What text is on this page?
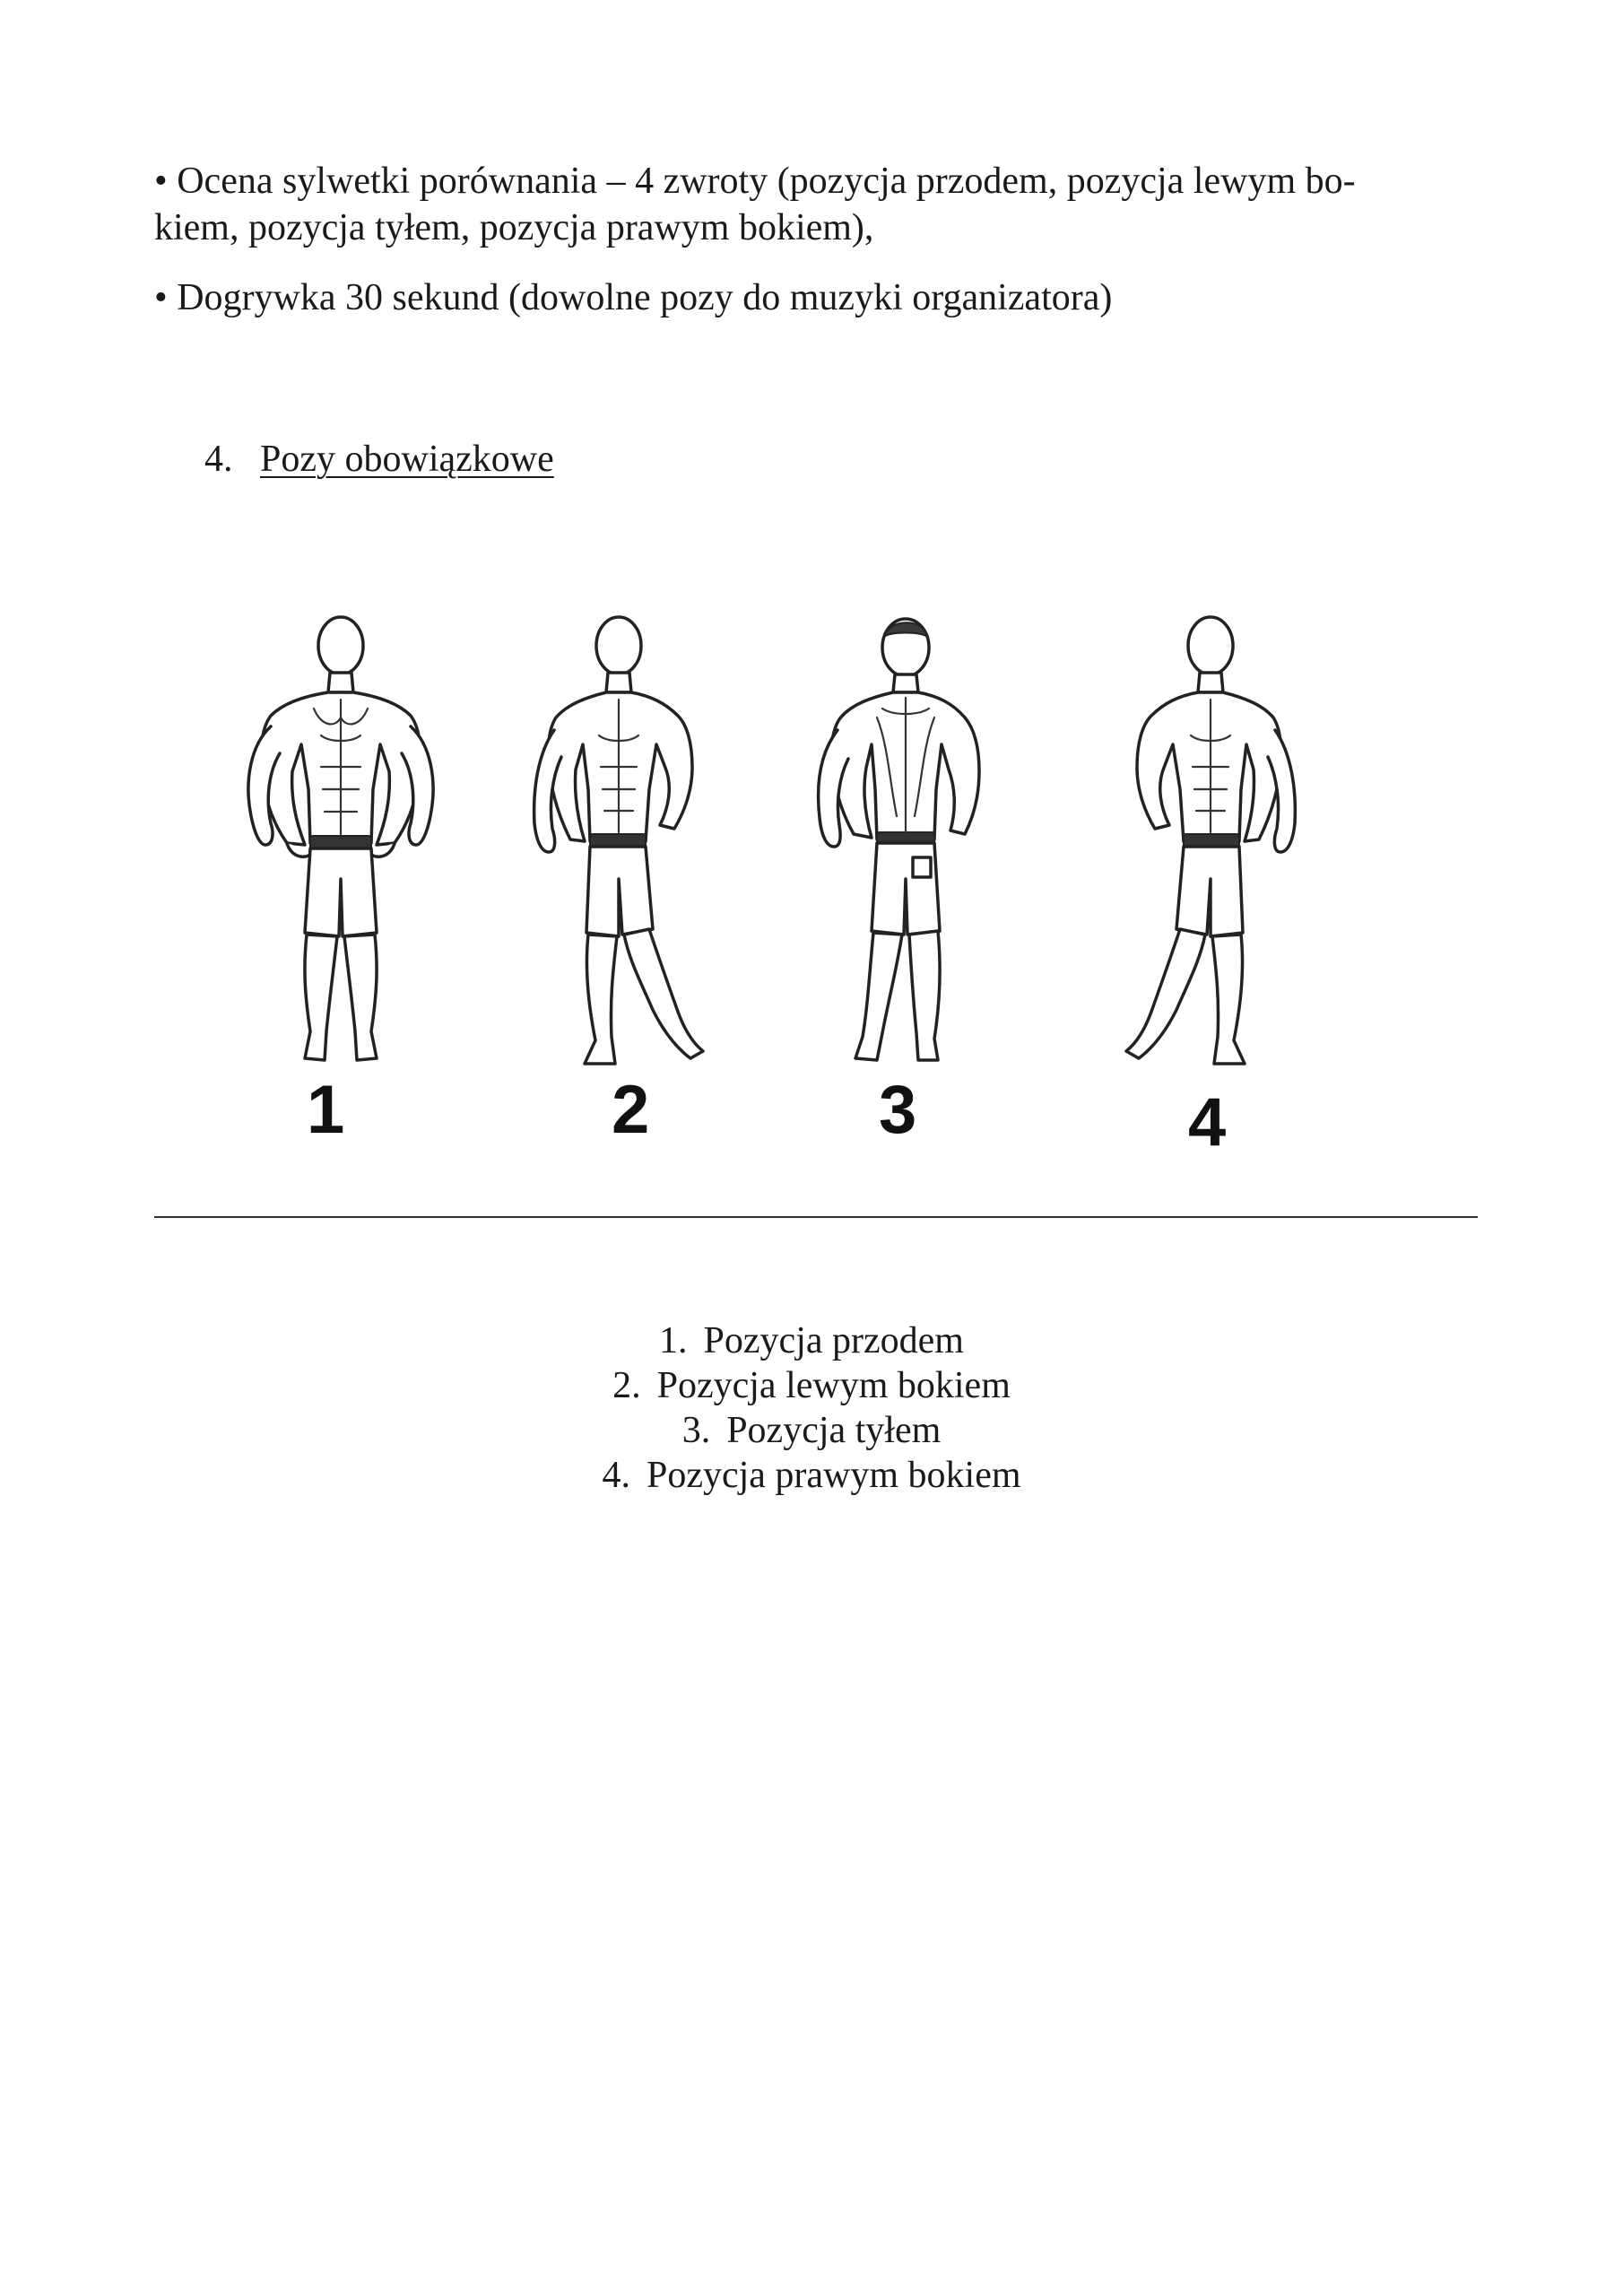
• Ocena sylwetki porównania – 4 zwroty (pozycja przodem, pozycja lewym bo-
kiem, pozycja tyłem, pozycja prawym bokiem),
• Dogrywka 30 sekund (dowolne pozy do muzyki organizatora)
4. Pozy obowiązkowe
1	2	3	4
1. Pozycja przodem
2. Pozycja lewym bokiem
3. Pozycja tyłem
4. Pozycja prawym bokiem
